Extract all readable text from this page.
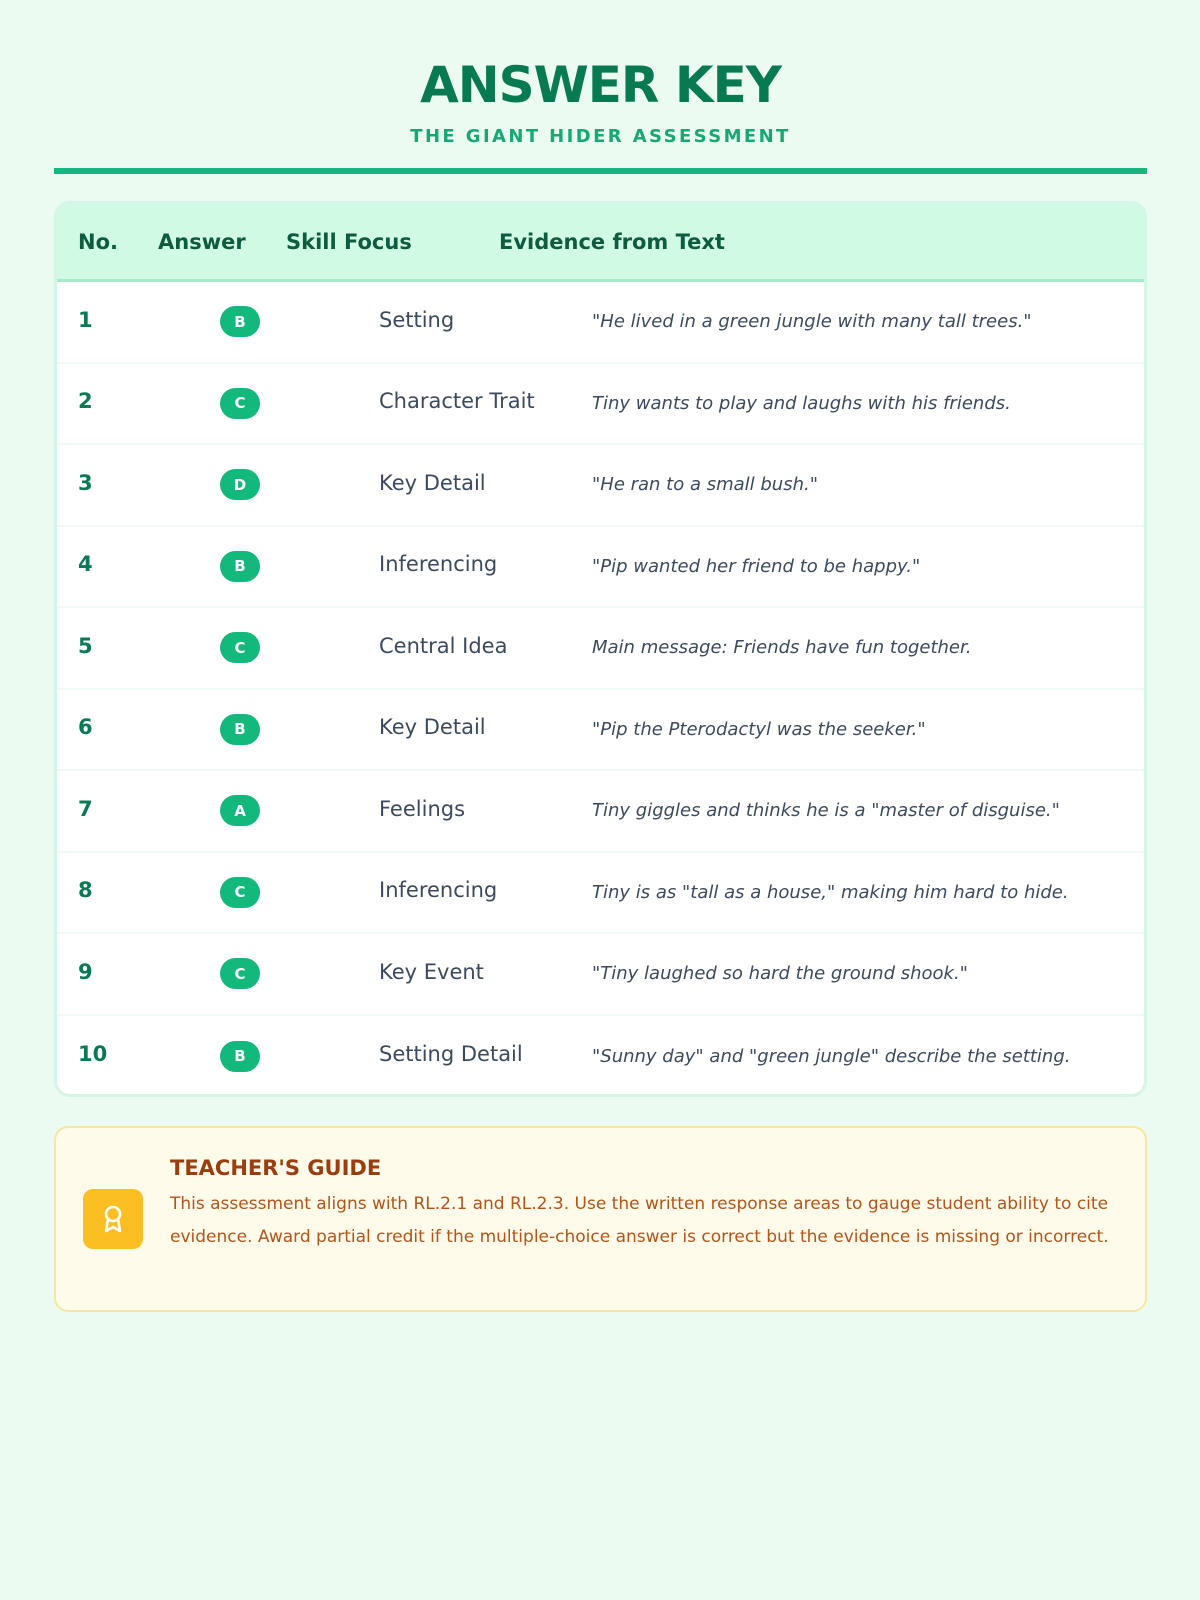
ANSWER KEY
THE GIANT HIDER ASSESSMENT
No.	Answer	Skill Focus	Evidence from Text
1	B	Setting	"He lived in a green jungle with many tall trees."
2	C	Character Trait	Tiny wants to play and laughs with his friends.
3	D	Key Detail	"He ran to a small bush."
4	B	Inferencing	"Pip wanted her friend to be happy."
5	C	Central Idea	Main message: Friends have fun together.
6	B	Key Detail	"Pip the Pterodactyl was the seeker."
7	A	Feelings	Tiny giggles and thinks he is a "master of disguise."
8	C	Inferencing	Tiny is as "tall as a house," making him hard to hide.
9	C	Key Event	"Tiny laughed so hard the ground shook."
10	B	Setting Detail	"Sunny day" and "green jungle" describe the setting.
TEACHER'S GUIDE
This assessment aligns with RL.2.1 and RL.2.3. Use the written response areas to gauge student ability to cite evidence. Award partial credit if the multiple-choice answer is correct but the evidence is missing or incorrect.
